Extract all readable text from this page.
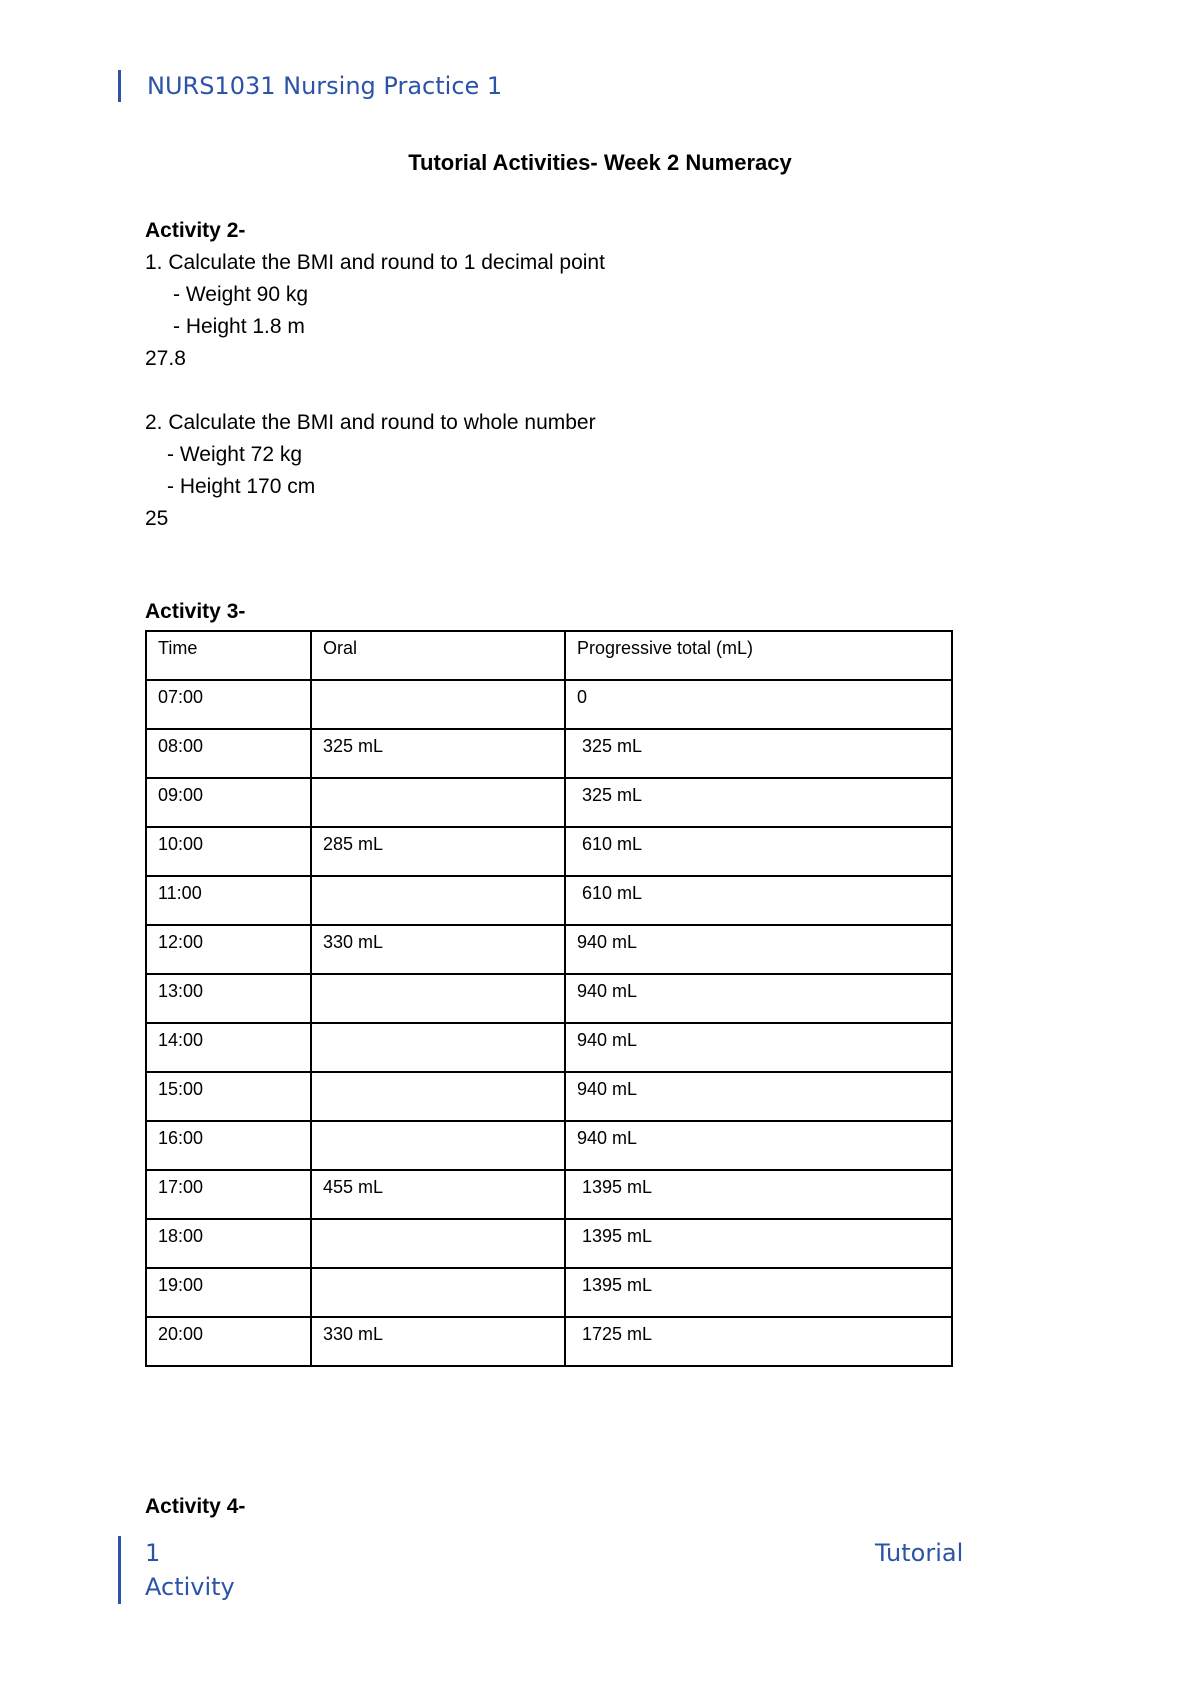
NURS1031 Nursing Practice 1
Tutorial Activities- Week 2 Numeracy
Activity 2-
1. Calculate the BMI and round to 1 decimal point
- Weight 90 kg
- Height 1.8 m
27.8
2. Calculate the BMI and round to whole number
- Weight 72 kg
- Height 170 cm
25
Activity 3-
Time	Oral	Progressive total (mL)
07:00		0
08:00	325 mL	325 mL
09:00		325 mL
10:00	285 mL	610 mL
11:00		610 mL
12:00	330 mL	940 mL
13:00		940 mL
14:00		940 mL
15:00		940 mL
16:00		940 mL
17:00	455 mL	1395 mL
18:00		1395 mL
19:00		1395 mL
20:00	330 mL	1725 mL
Activity 4-
1
Activity
Tutorial
